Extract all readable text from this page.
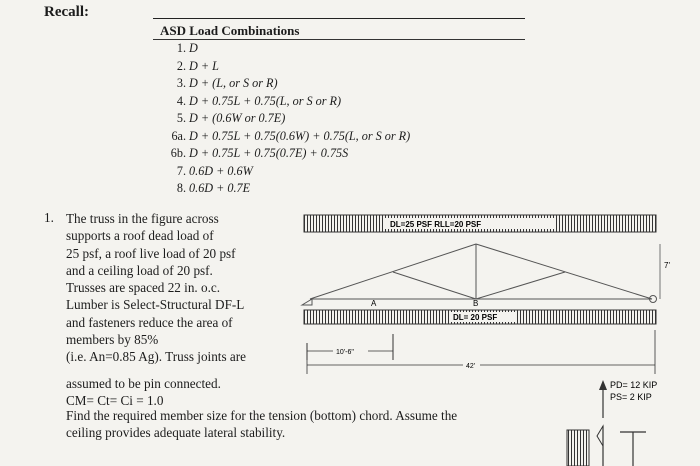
Recall:
ASD Load Combinations
1. D
2. D + L
3. D + (L, or S or R)
4. D + 0.75L + 0.75(L, or S or R)
5. D + (0.6W or 0.7E)
6a. D + 0.75L + 0.75(0.6W) + 0.75(L, or S or R)
6b. D + 0.75L + 0.75(0.7E) + 0.75S
7. 0.6D + 0.6W
8. 0.6D + 0.7E
1. The truss in the figure across
supports a roof dead load of
25 psf, a roof live load of 20 psf
and a ceiling load of 20 psf.
Trusses are spaced 22 in. o.c.
Lumber is Select-Structural DF-L
and fasteners reduce the area of
members by 85%
(i.e. An=0.85 Ag). Truss joints are
assumed to be pin connected.
CM= Ct= Ci = 1.0
Find the required member size for the tension (bottom) chord. Assume the
ceiling provides adequate lateral stability.
DL=25 PSF RLL=20 PSF
A	B
7'
DL= 20 PSF
10'-6"
42'
PD= 12 KIP
PS= 2 KIP
